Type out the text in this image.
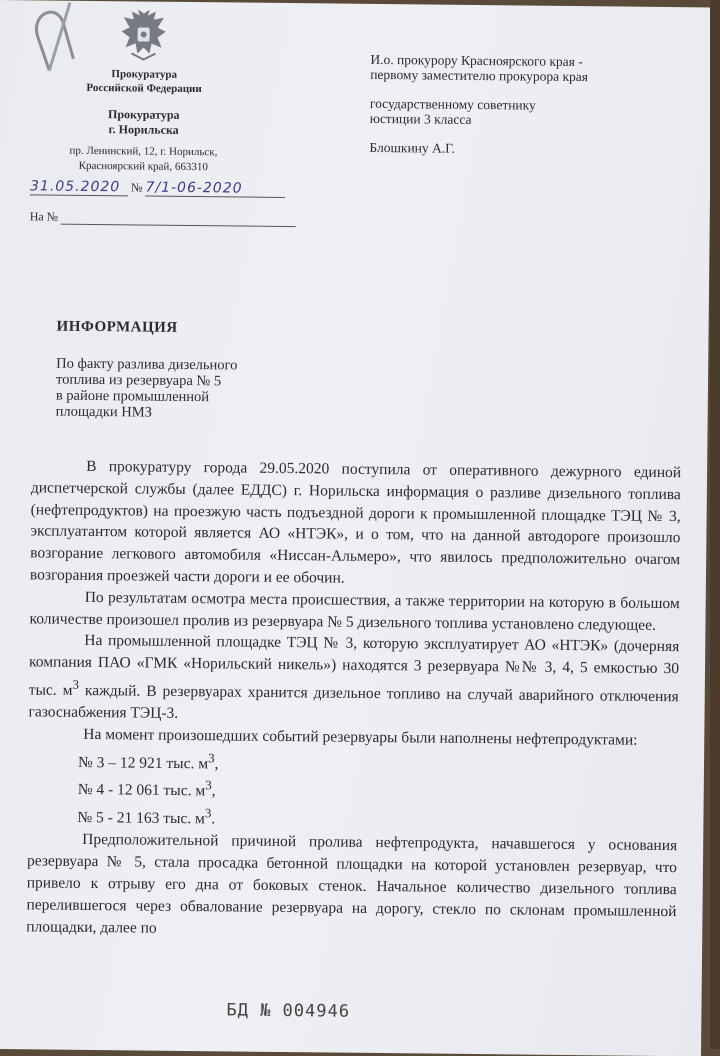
Прокуратура
Российской Федерации
Прокуратура
г. Норильска
пр. Ленинский, 12, г. Норильск,
Красноярский край, 663310
31.05.2020 № 7/1-06-2020
На №
И.о. прокурору Красноярского края -
первому заместителю прокурора края
государственному советнику
юстиции 3 класса
Блошкину А.Г.
ИНФОРМАЦИЯ
По факту разлива дизельного
топлива из резервуара № 5
в районе промышленной
площадки НМЗ

В прокуратуру города 29.05.2020 поступила от оперативного дежурного единой диспетчерской службы (далее ЕДДС) г. Норильска информация о разливе дизельного топлива (нефтепродуктов) на проезжую часть подъездной дороги к промышленной площадке ТЭЦ № 3, эксплуатантом которой является АО «НТЭК», и о том, что на данной автодороге произошло возгорание легкового автомобиля «Ниссан-Альмеро», что явилось предположительно очагом возгорания проезжей части дороги и ее обочин.

По результатам осмотра места происшествия, а также территории на которую в большом количестве произошел пролив из резервуара № 5 дизельного топлива установлено следующее.

На промышленной площадке ТЭЦ № 3, которую эксплуатирует АО «НТЭК» (дочерняя компания ПАО «ГМК «Норильский никель») находятся 3 резервуара №№ 3, 4, 5 емкостью 30 тыс. $м^3$ каждый. В резервуарах хранится дизельное топливо на случай аварийного отключения газоснабжения ТЭЦ-3.

На момент произошедших событий резервуары были наполнены нефтепродуктами:

№ 3 – 12 921 тыс. $м^3$,

№ 4 - 12 061 тыс. $м^3$,

№ 5 - 21 163 тыс. $м^3$.

Предположительной причиной пролива нефтепродукта, начавшегося у основания резервуара № 5, стала просадка бетонной площадки на которой установлен резервуар, что привело к отрыву его дна от боковых стенок. Начальное количество дизельного топлива перелившегося через обвалование резервуара на дорогу, стекло по склонам промышленной площадки, далее по

БД № 004946
